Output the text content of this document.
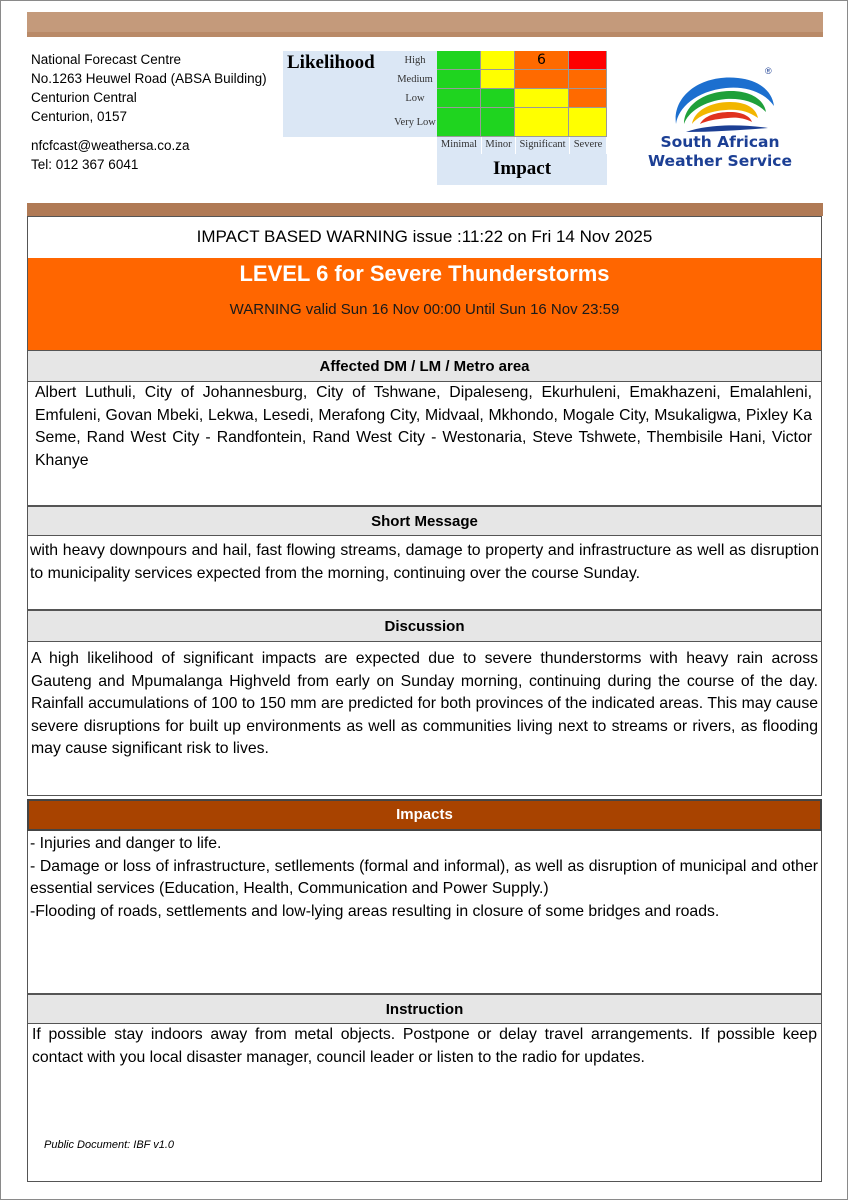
National Forecast Centre
No.1263 Heuwel Road (ABSA Building)
Centurion Central
Centurion, 0157
nfcfcast@weathersa.co.za
Tel: 012 367 6041
Likelihood	High
Medium
Low
Very Low
6
Minimal Minor Significant Severe
Impact
®
South African
Weather Service
IMPACT BASED WARNING issue :11:22 on Fri 14 Nov 2025
LEVEL 6 for Severe Thunderstorms
WARNING valid Sun 16 Nov 00:00 Until Sun 16 Nov 23:59
Affected DM / LM / Metro area
Albert Luthuli, City of Johannesburg, City of Tshwane, Dipaleseng, Ekurhuleni, Emakhazeni, Emalahleni, Emfuleni, Govan Mbeki, Lekwa, Lesedi, Merafong City, Midvaal, Mkhondo, Mogale City, Msukaligwa, Pixley Ka Seme, Rand West City - Randfontein, Rand West City - Westonaria, Steve Tshwete, Thembisile Hani, Victor Khanye
Short Message
with heavy downpours and hail, fast flowing streams, damage to property and infrastructure as well as disruption to municipality services expected from the morning, continuing over the course Sunday.
Discussion
A high likelihood of significant impacts are expected due to severe thunderstorms with heavy rain across Gauteng and Mpumalanga Highveld from early on Sunday morning, continuing during the course of the day. Rainfall accumulations of 100 to 150 mm are predicted for both provinces of the indicated areas. This may cause severe disruptions for built up environments as well as communities living next to streams or rivers, as flooding may cause significant risk to lives.
Impacts
- Injuries and danger to life.
- Damage or loss of infrastructure, setllements (formal and informal), as well as disruption of municipal and other essential services (Education, Health, Communication and Power Supply.)
-Flooding of roads, settlements and low-lying areas resulting in closure of some bridges and roads.
Instruction
If possible stay indoors away from metal objects. Postpone or delay travel arrangements. If possible keep contact with you local disaster manager, council leader or listen to the radio for updates.
Public Document: IBF v1.0
